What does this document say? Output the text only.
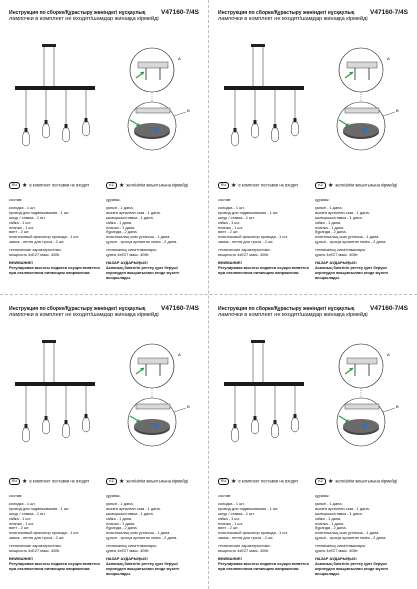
Инструкция по сборке/Құрастыру жөніндегі нұсқаулық V47160-7/4S
лампочки в комплект не входят/шамдар жинаққа кірмейді
A
B
RU ★ в комплект поставки не входит	KZ ★ жеткізілім жиынтығына кірмейді
состав:
колодка - 1 шт.
провод для подвешивания - 1 шт.
шнур / ставка - 1 шт.
гайка - 1 шт.
планка - 1 шт.
винт - 2 шт.
пластиковый фиксатор провода - 1 шт.
замок - петля для троса - 2 шт.
технические характеристики:
мощность 4xE27 макс. 40Вт
ВНИМАНИЕ!
Регулировка высоты подвеса осуществляется при отключенном питающем напряжении.
құрамы:
қалып - 1 дана.
аспаға арналған сым - 1 дана.
шығыршы/ставка - 1 дана.
гайка - 1 дана.
планка - 1 дана.
бұранда - 2 дана.
пластикалық сым ұстағыш - 1 дана.
құлып - тросқа арналған ілмек - 2 дана.
техникалық сипаттамалары:
қуаты 4xE27 макс. 40Вт.
НАЗАР АУДАРЫҢЫЗ!
Аспаның биіктігін реттеу қуат беруші кернеуден ажыратылған кезде жүзеге асырылады.
Инструкция по сборке/Құрастыру жөніндегі нұсқаулық V47160-7/4S
лампочки в комплект не входят/шамдар жинаққа кірмейді
A
B
RU ★ в комплект поставки не входит	KZ ★ жеткізілім жиынтығына кірмейді
состав:
колодка - 1 шт.
провод для подвешивания - 1 шт.
шнур / ставка - 1 шт.
гайка - 1 шт.
планка - 1 шт.
винт - 2 шт.
пластиковый фиксатор провода - 1 шт.
замок - петля для троса - 2 шт.
технические характеристики:
мощность 4xE27 макс. 40Вт
ВНИМАНИЕ!
Регулировка высоты подвеса осуществляется при отключенном питающем напряжении.
құрамы:
қалып - 1 дана.
аспаға арналған сым - 1 дана.
шығыршы/ставка - 1 дана.
гайка - 1 дана.
планка - 1 дана.
бұранда - 2 дана.
пластикалық сым ұстағыш - 1 дана.
құлып - тросқа арналған ілмек - 2 дана.
техникалық сипаттамалары:
қуаты 4xE27 макс. 40Вт.
НАЗАР АУДАРЫҢЫЗ!
Аспаның биіктігін реттеу қуат беруші кернеуден ажыратылған кезде жүзеге асырылады.
Инструкция по сборке/Құрастыру жөніндегі нұсқаулық V47160-7/4S
лампочки в комплект не входят/шамдар жинаққа кірмейді
A
B
RU ★ в комплект поставки не входит	KZ ★ жеткізілім жиынтығына кірмейді
состав:
колодка - 1 шт.
провод для подвешивания - 1 шт.
шнур / ставка - 1 шт.
гайка - 1 шт.
планка - 1 шт.
винт - 2 шт.
пластиковый фиксатор провода - 1 шт.
замок - петля для троса - 2 шт.
технические характеристики:
мощность 4xE27 макс. 40Вт
ВНИМАНИЕ!
Регулировка высоты подвеса осуществляется при отключенном питающем напряжении.
құрамы:
қалып - 1 дана.
аспаға арналған сым - 1 дана.
шығыршы/ставка - 1 дана.
гайка - 1 дана.
планка - 1 дана.
бұранда - 2 дана.
пластикалық сым ұстағыш - 1 дана.
құлып - тросқа арналған ілмек - 2 дана.
техникалық сипаттамалары:
қуаты 4xE27 макс. 40Вт.
НАЗАР АУДАРЫҢЫЗ!
Аспаның биіктігін реттеу қуат беруші кернеуден ажыратылған кезде жүзеге асырылады.
Инструкция по сборке/Құрастыру жөніндегі нұсқаулық V47160-7/4S
лампочки в комплект не входят/шамдар жинаққа кірмейді
A
B
RU ★ в комплект поставки не входит	KZ ★ жеткізілім жиынтығына кірмейді
состав:
колодка - 1 шт.
провод для подвешивания - 1 шт.
шнур / ставка - 1 шт.
гайка - 1 шт.
планка - 1 шт.
винт - 2 шт.
пластиковый фиксатор провода - 1 шт.
замок - петля для троса - 2 шт.
технические характеристики:
мощность 4xE27 макс. 40Вт
ВНИМАНИЕ!
Регулировка высоты подвеса осуществляется при отключенном питающем напряжении.
құрамы:
қалып - 1 дана.
аспаға арналған сым - 1 дана.
шығыршы/ставка - 1 дана.
гайка - 1 дана.
планка - 1 дана.
бұранда - 2 дана.
пластикалық сым ұстағыш - 1 дана.
құлып - тросқа арналған ілмек - 2 дана.
техникалық сипаттамалары:
қуаты 4xE27 макс. 40Вт.
НАЗАР АУДАРЫҢЫЗ!
Аспаның биіктігін реттеу қуат беруші кернеуден ажыратылған кезде жүзеге асырылады.
